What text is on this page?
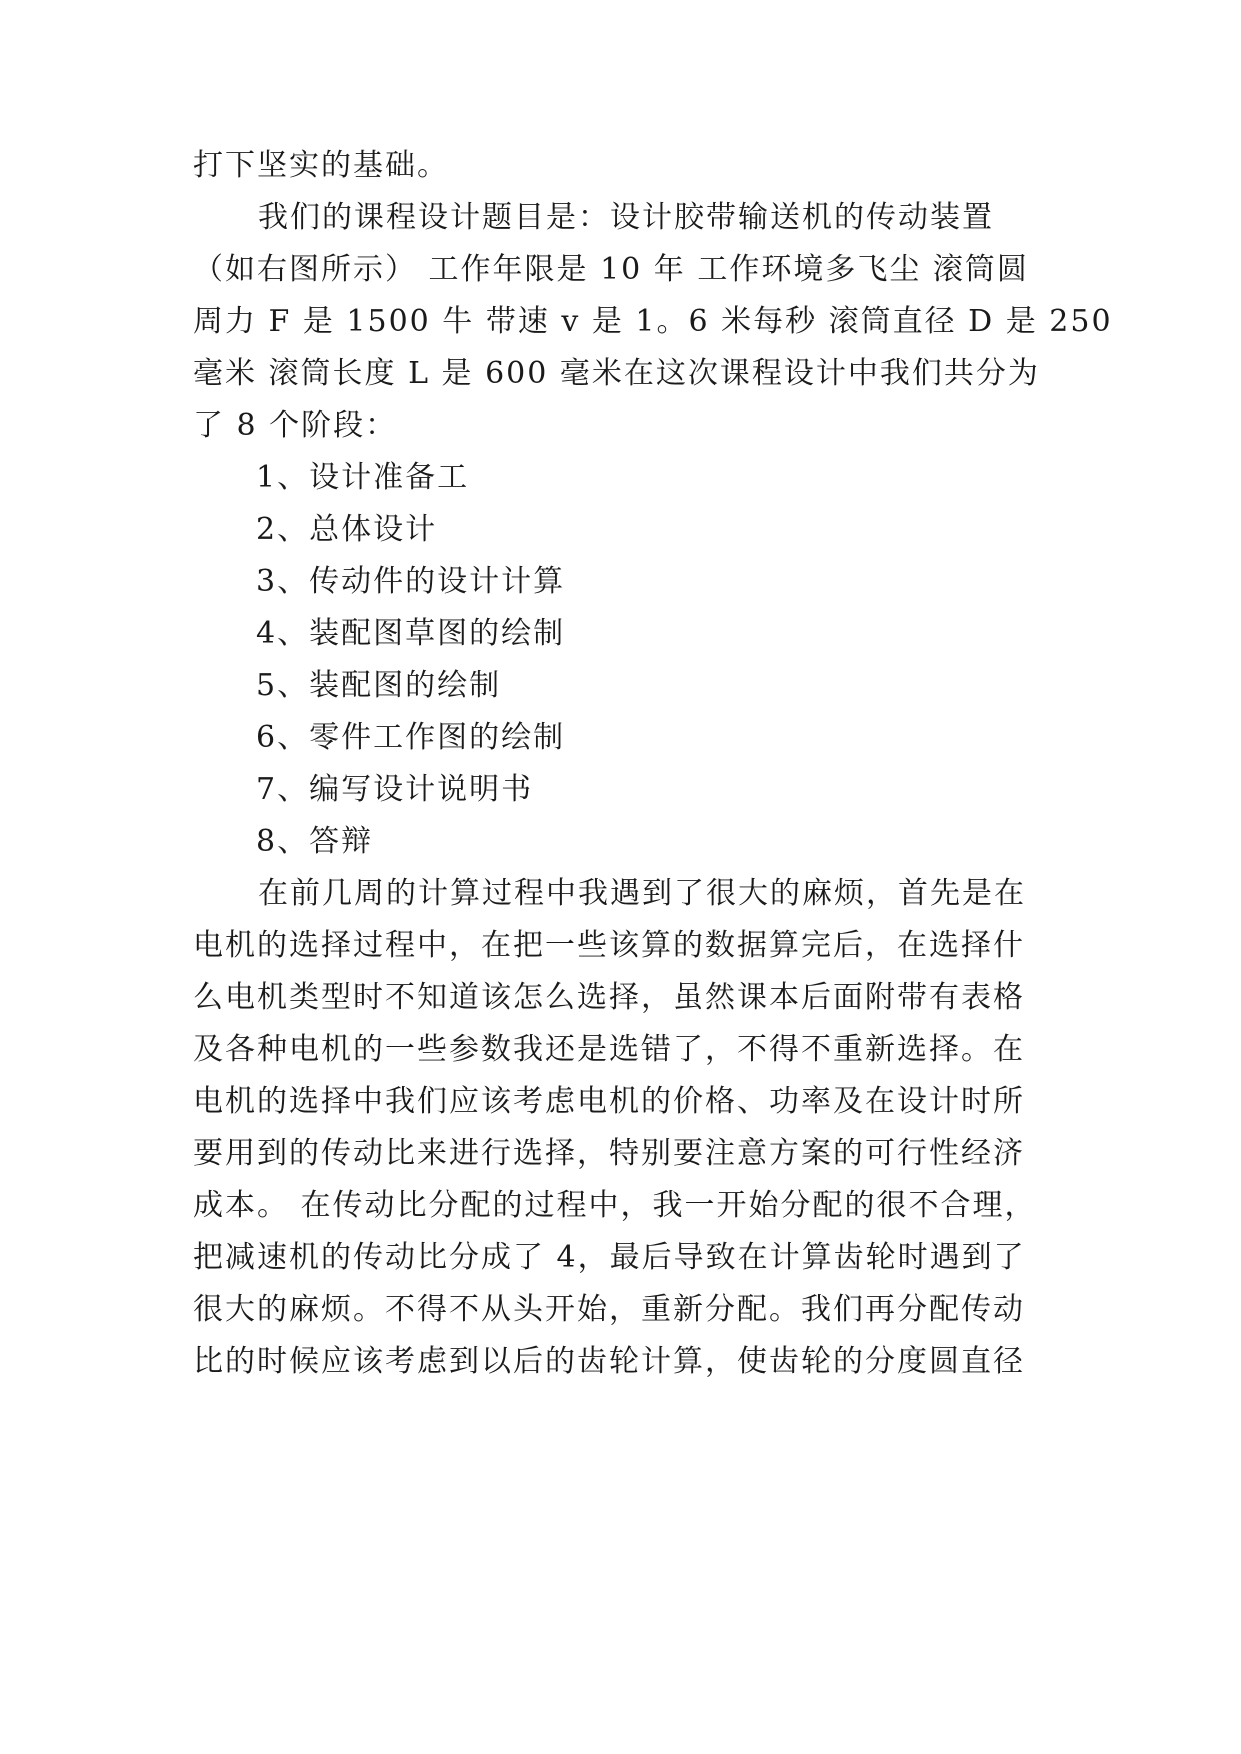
打下坚实的基础。
我们的课程设计题目是：设计胶带输送机的传动装置
（如右图所示） 工作年限是 10 年 工作环境多飞尘 滚筒圆
周力 F 是 1500 牛 带速 v 是 1。6 米每秒 滚筒直径 D 是 250
毫米 滚筒长度 L 是 600 毫米在这次课程设计中我们共分为
了 8 个阶段：
1、设计准备工
2、总体设计
3、传动件的设计计算
4、装配图草图的绘制
5、装配图的绘制
6、零件工作图的绘制
7、编写设计说明书
8、答辩
在前几周的计算过程中我遇到了很大的麻烦，首先是在
电机的选择过程中，在把一些该算的数据算完后，在选择什
么电机类型时不知道该怎么选择，虽然课本后面附带有表格
及各种电机的一些参数我还是选错了，不得不重新选择。在
电机的选择中我们应该考虑电机的价格、功率及在设计时所
要用到的传动比来进行选择，特别要注意方案的可行性经济
成本。 在传动比分配的过程中，我一开始分配的很不合理，
把减速机的传动比分成了 4，最后导致在计算齿轮时遇到了
很大的麻烦。不得不从头开始，重新分配。我们再分配传动
比的时候应该考虑到以后的齿轮计算，使齿轮的分度圆直径
